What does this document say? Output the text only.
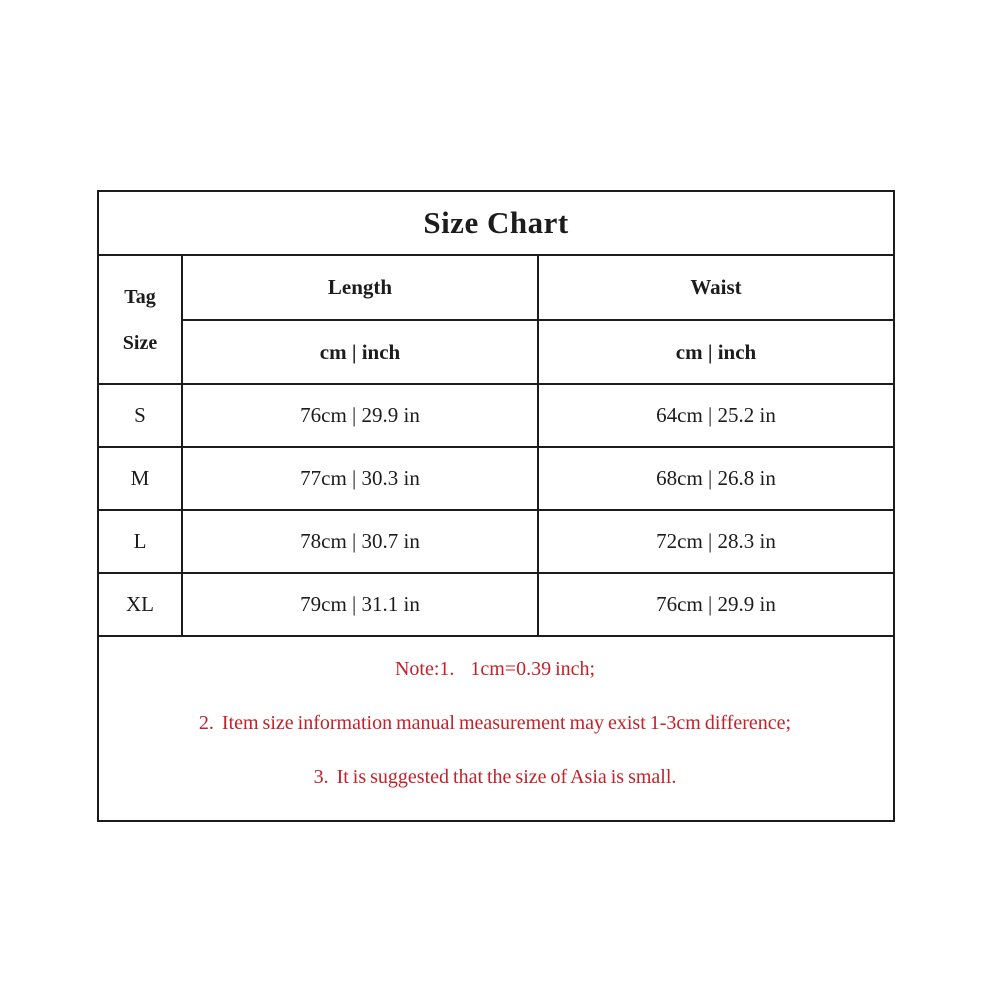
Size Chart		

Tag
Size	Length	Waist
	cm | inch	cm | inch
S	76cm | 29.9 in	64cm | 25.2 in
M	77cm | 30.3 in	68cm | 26.8 in
L	78cm | 30.7 in	72cm | 28.3 in
XL	79cm | 31.1 in	76cm | 29.9 in

Note:1.    1cm=0.39 inch;

2.  Item size information manual measurement may exist 1-3cm difference;

3.  It is suggested that the size of Asia is small.		
